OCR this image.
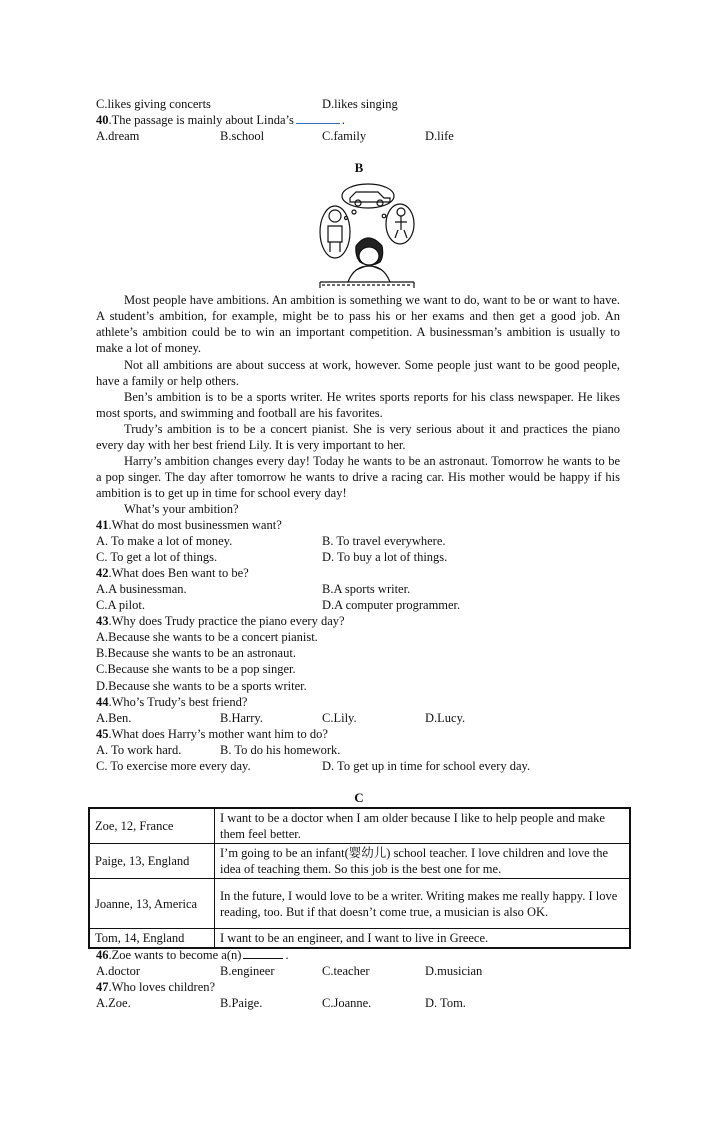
C.likes giving concerts	D.likes singing
40.The passage is mainly about Linda’s	.
A.dream	B.school	C.family	D.life
B
Most people have ambitions. An ambition is something we want to do, want to be or want to have. A student’s ambition, for example, might be to pass his or her exams and then get a good job. An athlete’s ambition could be to win an important competition. A businessman’s ambition is usually to make a lot of money.
Not all ambitions are about success at work, however. Some people just want to be good people, have a family or help others.
Ben’s ambition is to be a sports writer. He writes sports reports for his class newspaper. He likes most sports, and swimming and football are his favorites.
Trudy’s ambition is to be a concert pianist. She is very serious about it and practices the piano every day with her best friend Lily. It is very important to her.
Harry’s ambition changes every day! Today he wants to be an astronaut. Tomorrow he wants to be a pop singer. The day after tomorrow he wants to drive a racing car. His mother would be happy if his ambition is to get up in time for school every day!
What’s your ambition?
41.What do most businessmen want?
A. To make a lot of money.	B. To travel everywhere.
C. To get a lot of things.	D. To buy a lot of things.
42.What does Ben want to be?
A.A businessman.	B.A sports writer.
C.A pilot.	D.A computer programmer.
43.Why does Trudy practice the piano every day?
A.Because she wants to be a concert pianist.
B.Because she wants to be an astronaut.
C.Because she wants to be a pop singer.
D.Because she wants to be a sports writer.
44.Who’s Trudy’s best friend?
A.Ben.	B.Harry.	C.Lily.	D.Lucy.
45.What does Harry’s mother want him to do?
A. To work hard.	B. To do his homework.
C. To exercise more every day.	D. To get up in time for school every day.
C
Zoe, 12, France	I want to be a doctor when I am older because I like to help people and make them feel better.
Paige, 13, England	I’m going to be an infant(婴幼儿) school teacher. I love children and love the idea of teaching them. So this job is the best one for me.
Joanne, 13, America	In the future, I would love to be a writer. Writing makes me really happy. I love reading, too. But if that doesn’t come true, a musician is also OK.
Tom, 14, England	I want to be an engineer, and I want to live in Greece.
46.Zoe wants to become a(n)	.
A.doctor	B.engineer	C.teacher	D.musician
47.Who loves children?
A.Zoe.	B.Paige.	C.Joanne.	D. Tom.
